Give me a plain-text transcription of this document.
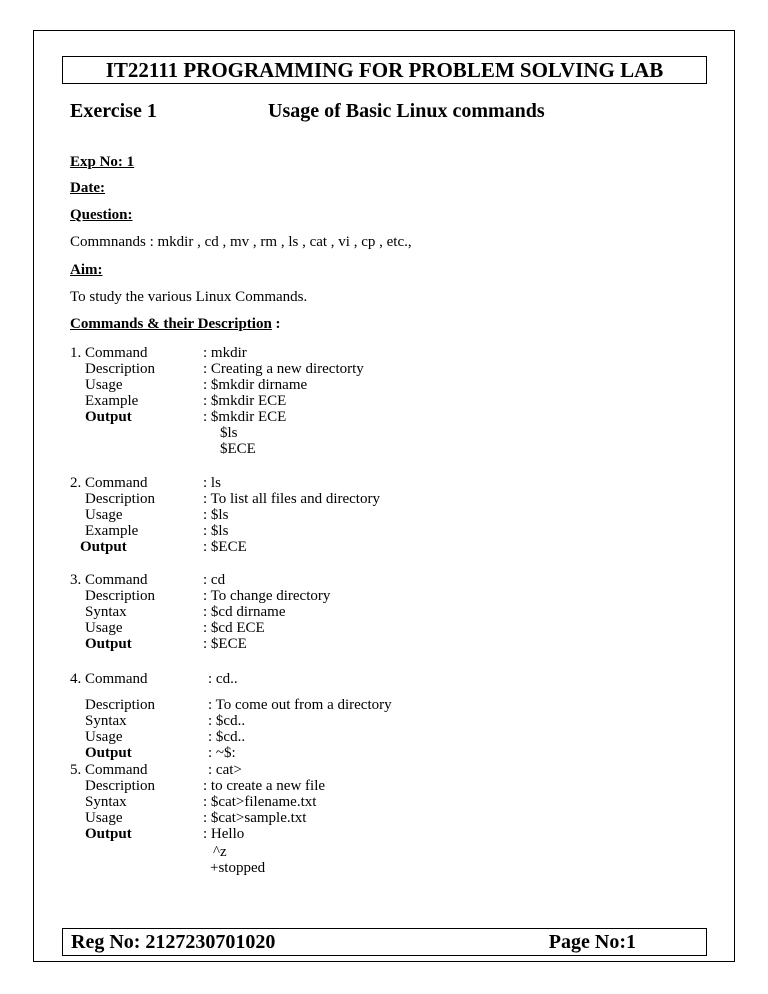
IT22111 PROGRAMMING FOR PROBLEM SOLVING LAB
Exercise 1	Usage of Basic Linux commands
Exp No: 1
Date:
Question:
Commnands : mkdir , cd , mv , rm , ls , cat , vi , cp , etc.,
Aim:
To study the various Linux Commands.
Commands & their Description :
1. Command	: mkdir
Description	: Creating a new directorty
Usage	: $mkdir dirname
Example	: $mkdir ECE
Output	: $mkdir ECE
$ls
$ECE
2. Command	: ls
Description	: To list all files and directory
Usage	: $ls
Example	: $ls
Output	: $ECE
3. Command	: cd
Description	: To change directory
Syntax	: $cd dirname
Usage	: $cd ECE
Output	: $ECE
4. Command	: cd..
Description	: To come out from a directory
Syntax	: $cd..
Usage	: $cd..
Output	: ~$:
5. Command	: cat>
Description	: to create a new file
Syntax	: $cat>filename.txt
Usage	: $cat>sample.txt
Output	: Hello
^z
+stopped
Reg No: 2127230701020	Page No:1
